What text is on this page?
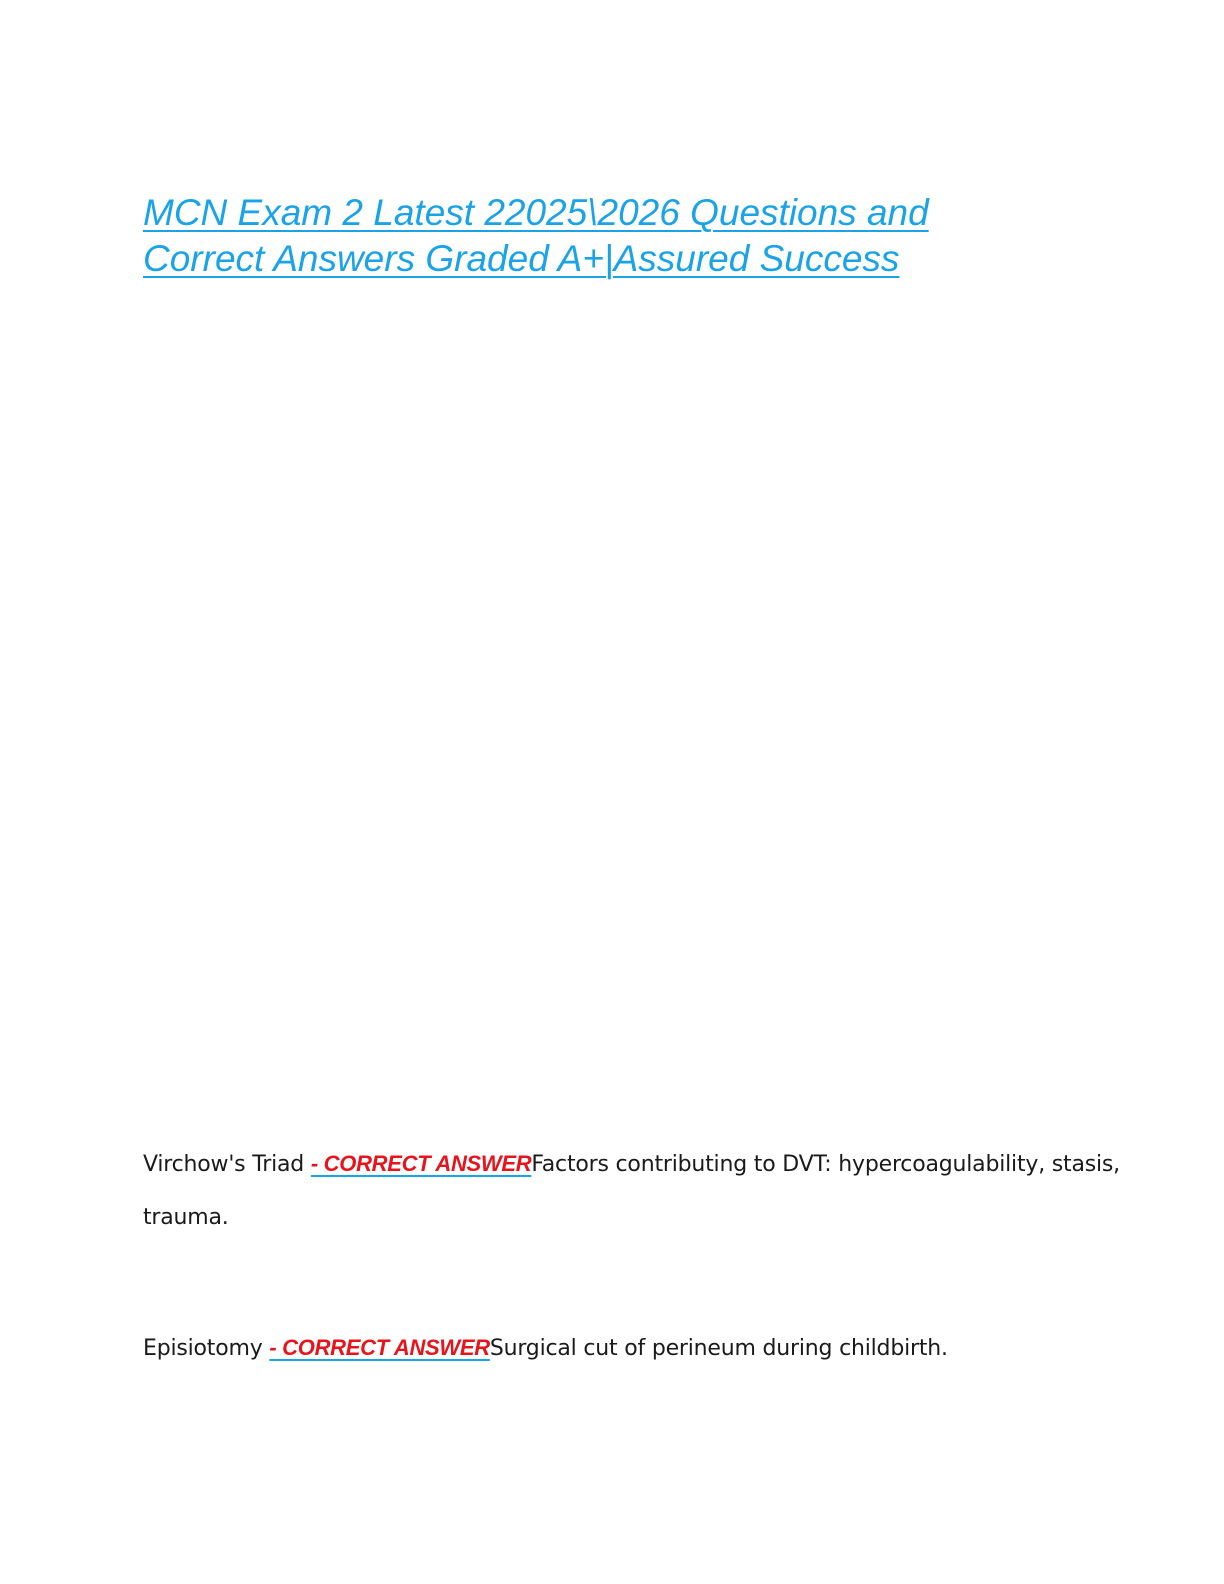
MCN Exam 2 Latest 22025\2026 Questions and
Correct Answers Graded A+|Assured Success

Virchow's Triad - CORRECT ANSWERFactors contributing to DVT: hypercoagulability, stasis, trauma.

Episiotomy - CORRECT ANSWERSurgical cut of perineum during childbirth.
